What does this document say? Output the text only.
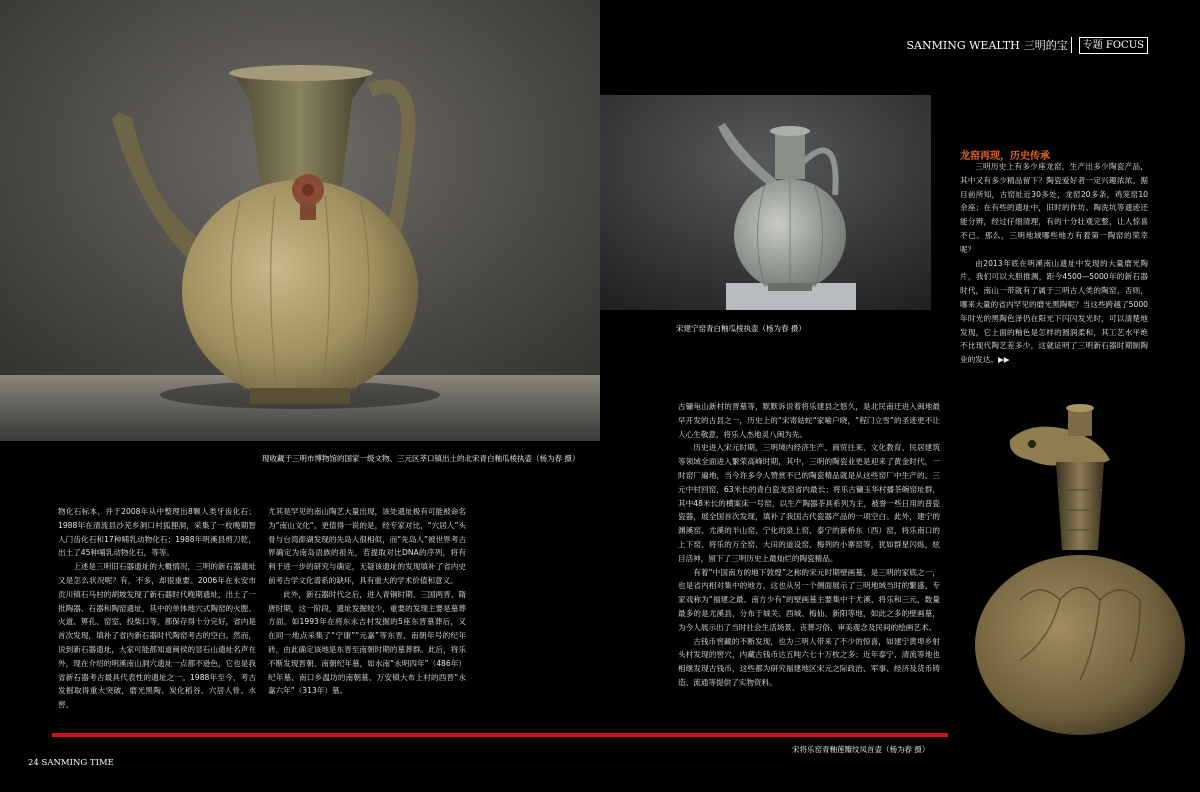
SANMING WEALTH 三明的宝	专题 FOCUS
现收藏于三明市博物馆的国家一级文物、三元区莘口镇出土的北宋青白釉瓜棱执壶（杨为春 摄）
宋建宁窑青白釉瓜棱执壶（杨为春 摄）
宋将乐窑青釉莲瓣纹凤首壶（杨为春 摄）
龙窑再现，历史传承

三明历史上有多少座龙窑，生产出多少陶瓷产品，其中又有多少精品留下？陶瓷爱好者一定兴趣浓浓。据目前所知，古窑址近30多处，龙窑20多条，鸡笼窑10余座；在有些的遗址中，旧时的作坊、陶洗坑等遗迹还能分辨，经过仔细清理，有的十分壮观完整，让人惊喜不已。那么，三明地域哪些地方有着第一陶窑的荣幸呢？

由2013年底在明溪南山遗址中发现的大量磨光陶片，我们可以大胆推测，距今4500—5000年的新石器时代，南山一带就有了属于三明古人类的陶窑，否则，哪来大量的省内罕见的磨光黑陶呢？当这些跨越了5000年时光的黑陶色泽仍在阳光下闪闪发光时，可以清楚地发现，它上面的釉色是怎样的圆润柔和，其工艺水平绝不比现代陶艺差多少，这就证明了三明新石器时期制陶业的发达。▶▶

物化石标本，并于2008年从中整理出8颗人类牙齿化石；1988年在清流县沙芜乡洞口村狐狸洞，采集了一枚晚期智人门齿化石和17种哺乳动物化石；1988年明溪县剪刀乾，出土了45种哺乳动物化石，等等。

上述是三明旧石器遗址的大概情况，三明的新石器遗址又是怎么状况呢？有，不多，却很重要。2006年在永安市贡川镇石马村的胡坡发现了新石器时代晚期遗址，出土了一批陶器、石器和陶窑遗址，其中的单体地穴式陶窑的火膛、火道、箅孔、窑室、投柴口等，都保存得十分完好，省内是首次发现，填补了省内新石器时代陶窑考古的空白。然而，说到新石器遗址，大家可能都知道闽侯的昙石山遗址名声在外，现在介绍的明溪南山洞穴遗址一点都不逊色，它也是我省新石器考古最具代表性的遗址之一。1988年至今，考古发掘取得重大突破，磨光黑陶、炭化稻谷、穴居人骨、水窖、

尤其是罕见的南山陶艺大量出现，该处遗址极有可能被命名为“南山文化”。更值得一说的是，经专家对比，“穴居人”头骨与台湾澎湖发现的先岛人很相似，而“先岛人”被世界考古界确定为南岛语族的祖先，若提取对比DNA的序列，将有利于进一步的研究与确定，无疑该遗址的发现填补了省内史前考古学文化谱系的缺环，具有重大的学术价值和意义。

此外，新石器时代之后，进入青铜时期、三国两晋、隋唐时期，这一阶段，遗址发掘较少，重要的发现主要是墓葬方面，如1993年在将东永吉村发掘的5座东晋墓葬后，又在同一地点采集了“宁康”“元嘉”等东晋、南朝年号的纪年砖，由此确定该地是东晋至南朝时期的墓葬群。此后，将乐不断发现晋朝、南朝纪年墓，如水南“永明四年”（486年）纪年墓、南口乡温坊的南朝墓、万安镇大布上村的西晋“永嘉六年”（313年）墓、

古镛龟山新村的晋墓等，默默诉说着将乐建县之悠久，是北民南迁进入闽地最早开发的古县之一，历史上的“宋寄姑蛇”家喻户晓，“程门立雪”的圣迹更不让人心生敬意，将乐人杰地灵八闽为先。

历史进入宋元时期，三明境内经济生产、商贸往来、文化教育、民居建筑等领域全面进入繁荣高峰时期，其中，三明的陶瓷业更是迎来了黄金时代，一时窑厂遍地，当今许多令人赞赏不已的陶瓷精品就是从这些窑厂中生产的。三元中村回窑，63米长的青白瓷龙窑省内最长；将乐古镛玉华村播茶碗窑址群，其中48米长的横案床一号窑，以生产陶器茶具系列为主，被誉一些日用的普瓷瓷器，展全国首次发现，填补了我国古代瓷器产品的一项空白。此外，建宁的渊溪窑、尤溪的半山窑、宁化的泉上窑、泰宁的新桥东（西）窑、将乐南口的上下窑、将乐的万全窑、大田的道设窑、梅列的小寨窑等，犹如群星闪烁，炫目活神，留下了三明历史上最灿烂的陶瓷精品。

有着“中国南方的地下敦煌”之称的宋元时期壁画墓，是三明的家底之一，也是省内相对集中的地方，这也从另一个侧面展示了三明地域当时的繁盛，专家戏称为“福建之最、南方少有”的壁画墓主要集中于尤溪、将乐和三元，数量最多的是尤溪县，分布于城关、西城、梅仙、新阳等地，如此之多的壁画墓，为今人展示出了当时社会生活场景、丧葬习俗、审美观念及民间的绘画艺术。

古钱币窖藏的不断发现，也为三明人带来了不少的惊喜，如建宁黄埠乡射头村发现的窖穴，内藏古钱币达五吨六七十万枚之多；近年泰宁、清流等地也相继发现古钱币，这些都为研究福建地区宋元之际政治、军事、经济及货币铸造、流通等提供了实物资料。

24 SANMING TIME
